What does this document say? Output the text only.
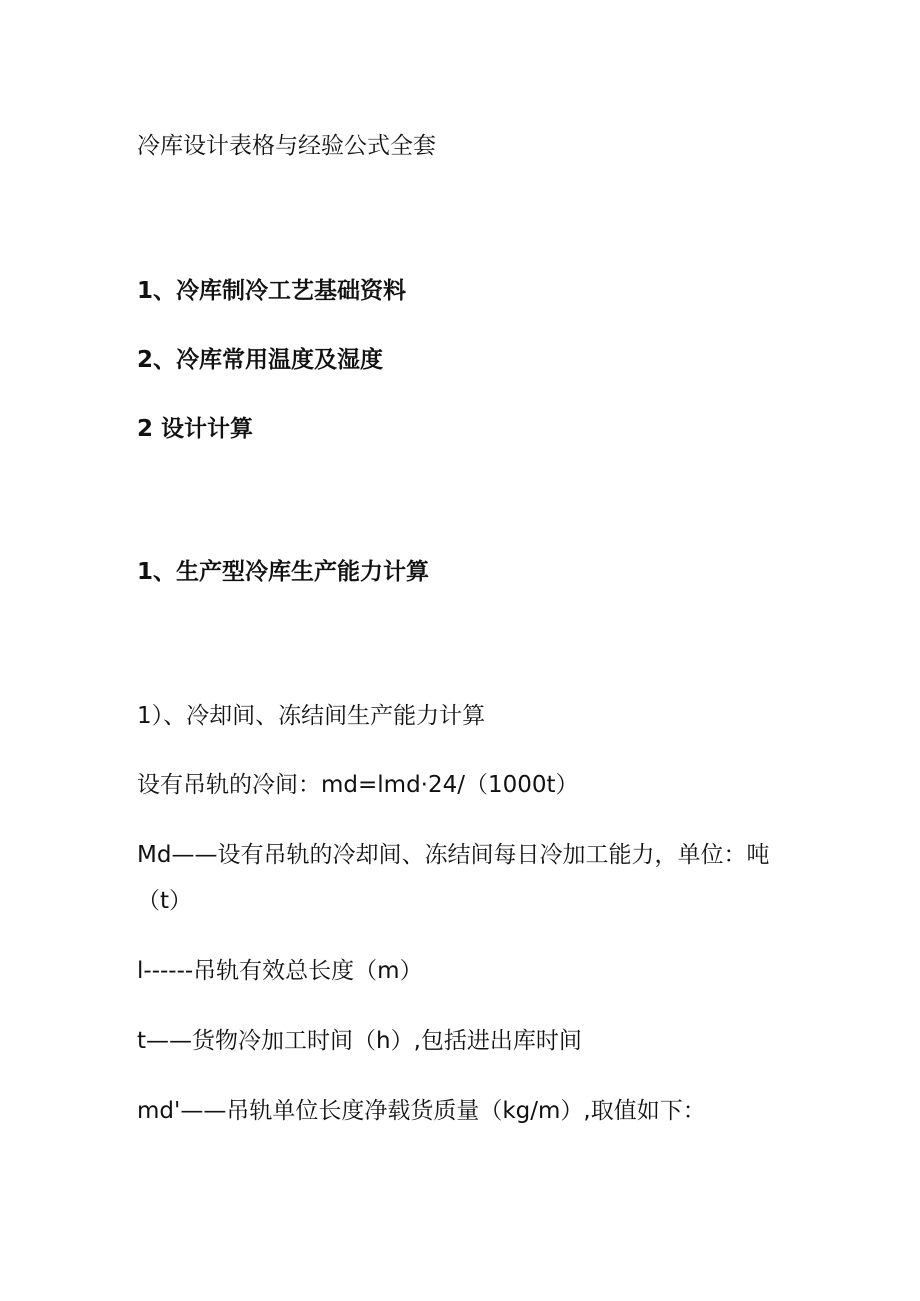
冷库设计表格与经验公式全套
1、冷库制冷工艺基础资料
2、冷库常用温度及湿度
2 设计计算
1、生产型冷库生产能力计算
1）、冷却间、冻结间生产能力计算
设有吊轨的冷间：md=lmd·24/（1000t）
Md——设有吊轨的冷却间、冻结间每日冷加工能力，单位：吨
（t）
l------吊轨有效总长度（m）
t——货物冷加工时间（h）,包括进出库时间
md'——吊轨单位长度净载货质量（kg/m）,取值如下：
